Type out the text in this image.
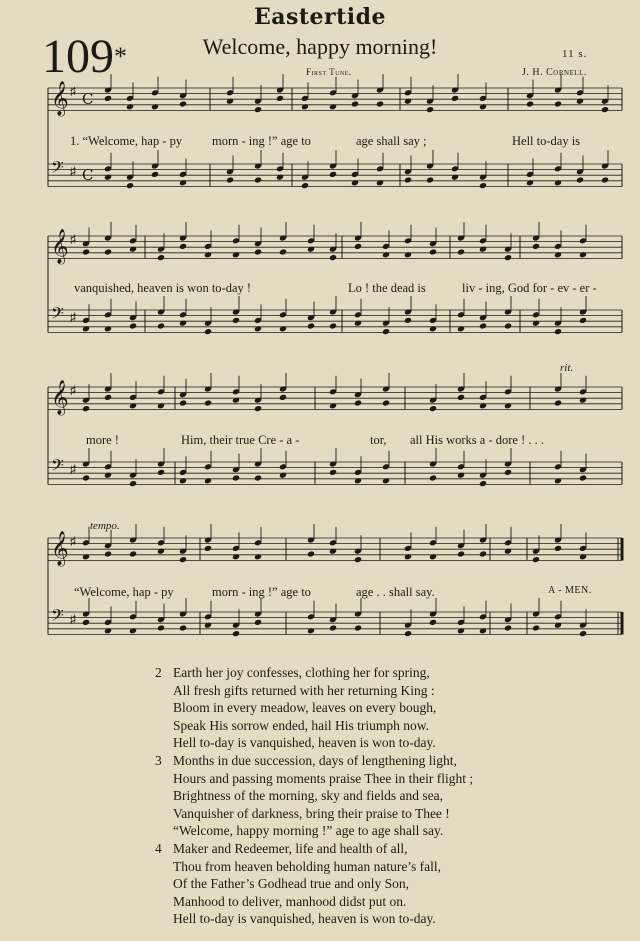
Eastertide
109*	Welcome, happy morning!	11 s.
First Tune.	J. H. Cornell.
𝄞 ♯ C
𝄢 ♯ C
𝄞 ♯
𝄢 ♯
𝄞 ♯
𝄢 ♯
𝄞 ♯
𝄢 ♯
1. “Welcome, hap - py morn - ing !” age to	age shall say ;	Hell to-day is
vanquished, heaven is won to-day !	Lo ! the dead is	liv - ing, God for - ev - er -
more !	Him, their true Cre - a -	tor, all His works a - dore ! . . .
“Welcome, hap - py	morn - ing !” age to	age . . shall say.	A - MEN.
rit.
tempo.
2 Earth her joy confesses, clothing her for spring,
All fresh gifts returned with her returning King :
Bloom in every meadow, leaves on every bough,
Speak His sorrow ended, hail His triumph now.
Hell to-day is vanquished, heaven is won to-day.
3 Months in due succession, days of lengthening light,
Hours and passing moments praise Thee in their flight ;
Brightness of the morning, sky and fields and sea,
Vanquisher of darkness, bring their praise to Thee !
“Welcome, happy morning !” age to age shall say.
4 Maker and Redeemer, life and health of all,
Thou from heaven beholding human nature’s fall,
Of the Father’s Godhead true and only Son,
Manhood to deliver, manhood didst put on.
Hell to-day is vanquished, heaven is won to-day.
